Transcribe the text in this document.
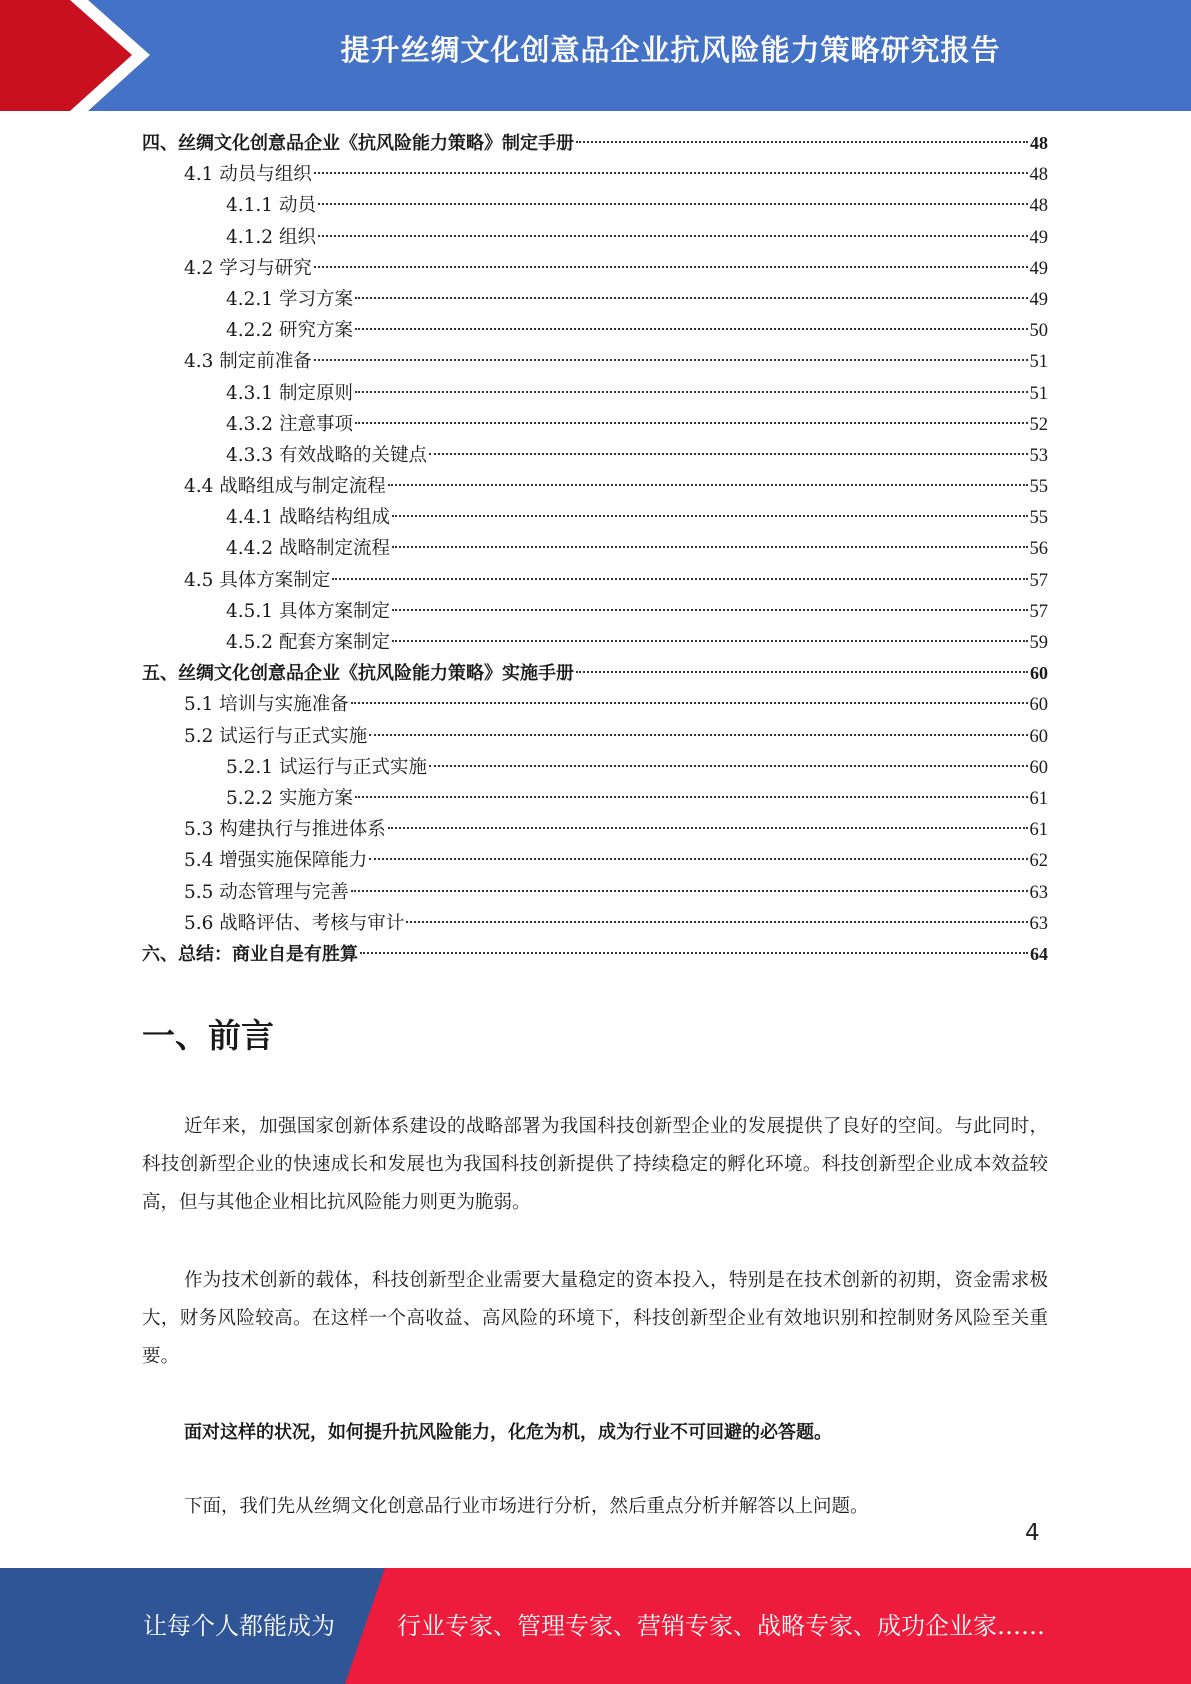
提升丝绸文化创意品企业抗风险能力策略研究报告
四、丝绸文化创意品企业《抗风险能力策略》制定手册	48
4.1 动员与组织	48
4.1.1 动员	48
4.1.2 组织	49
4.2 学习与研究	49
4.2.1 学习方案	49
4.2.2 研究方案	50
4.3 制定前准备	51
4.3.1 制定原则	51
4.3.2 注意事项	52
4.3.3 有效战略的关键点	53
4.4 战略组成与制定流程	55
4.4.1 战略结构组成	55
4.4.2 战略制定流程	56
4.5 具体方案制定	57
4.5.1 具体方案制定	57
4.5.2 配套方案制定	59
五、丝绸文化创意品企业《抗风险能力策略》实施手册	60
5.1 培训与实施准备	60
5.2 试运行与正式实施	60
5.2.1 试运行与正式实施	60
5.2.2 实施方案	61
5.3 构建执行与推进体系	61
5.4 增强实施保障能力	62
5.5 动态管理与完善	63
5.6 战略评估、考核与审计	63
六、总结：商业自是有胜算	64
一、前言

近年来，加强国家创新体系建设的战略部署为我国科技创新型企业的发展提供了良好的空间。与此同时，科技创新型企业的快速成长和发展也为我国科技创新提供了持续稳定的孵化环境。科技创新型企业成本效益较高，但与其他企业相比抗风险能力则更为脆弱。

作为技术创新的载体，科技创新型企业需要大量稳定的资本投入，特别是在技术创新的初期，资金需求极大，财务风险较高。在这样一个高收益、高风险的环境下，科技创新型企业有效地识别和控制财务风险至关重要。

面对这样的状况，如何提升抗风险能力，化危为机，成为行业不可回避的必答题。

下面，我们先从丝绸文化创意品行业市场进行分析，然后重点分析并解答以上问题。

4
让每个人都能成为	行业专家、管理专家、营销专家、战略专家、成功企业家……
